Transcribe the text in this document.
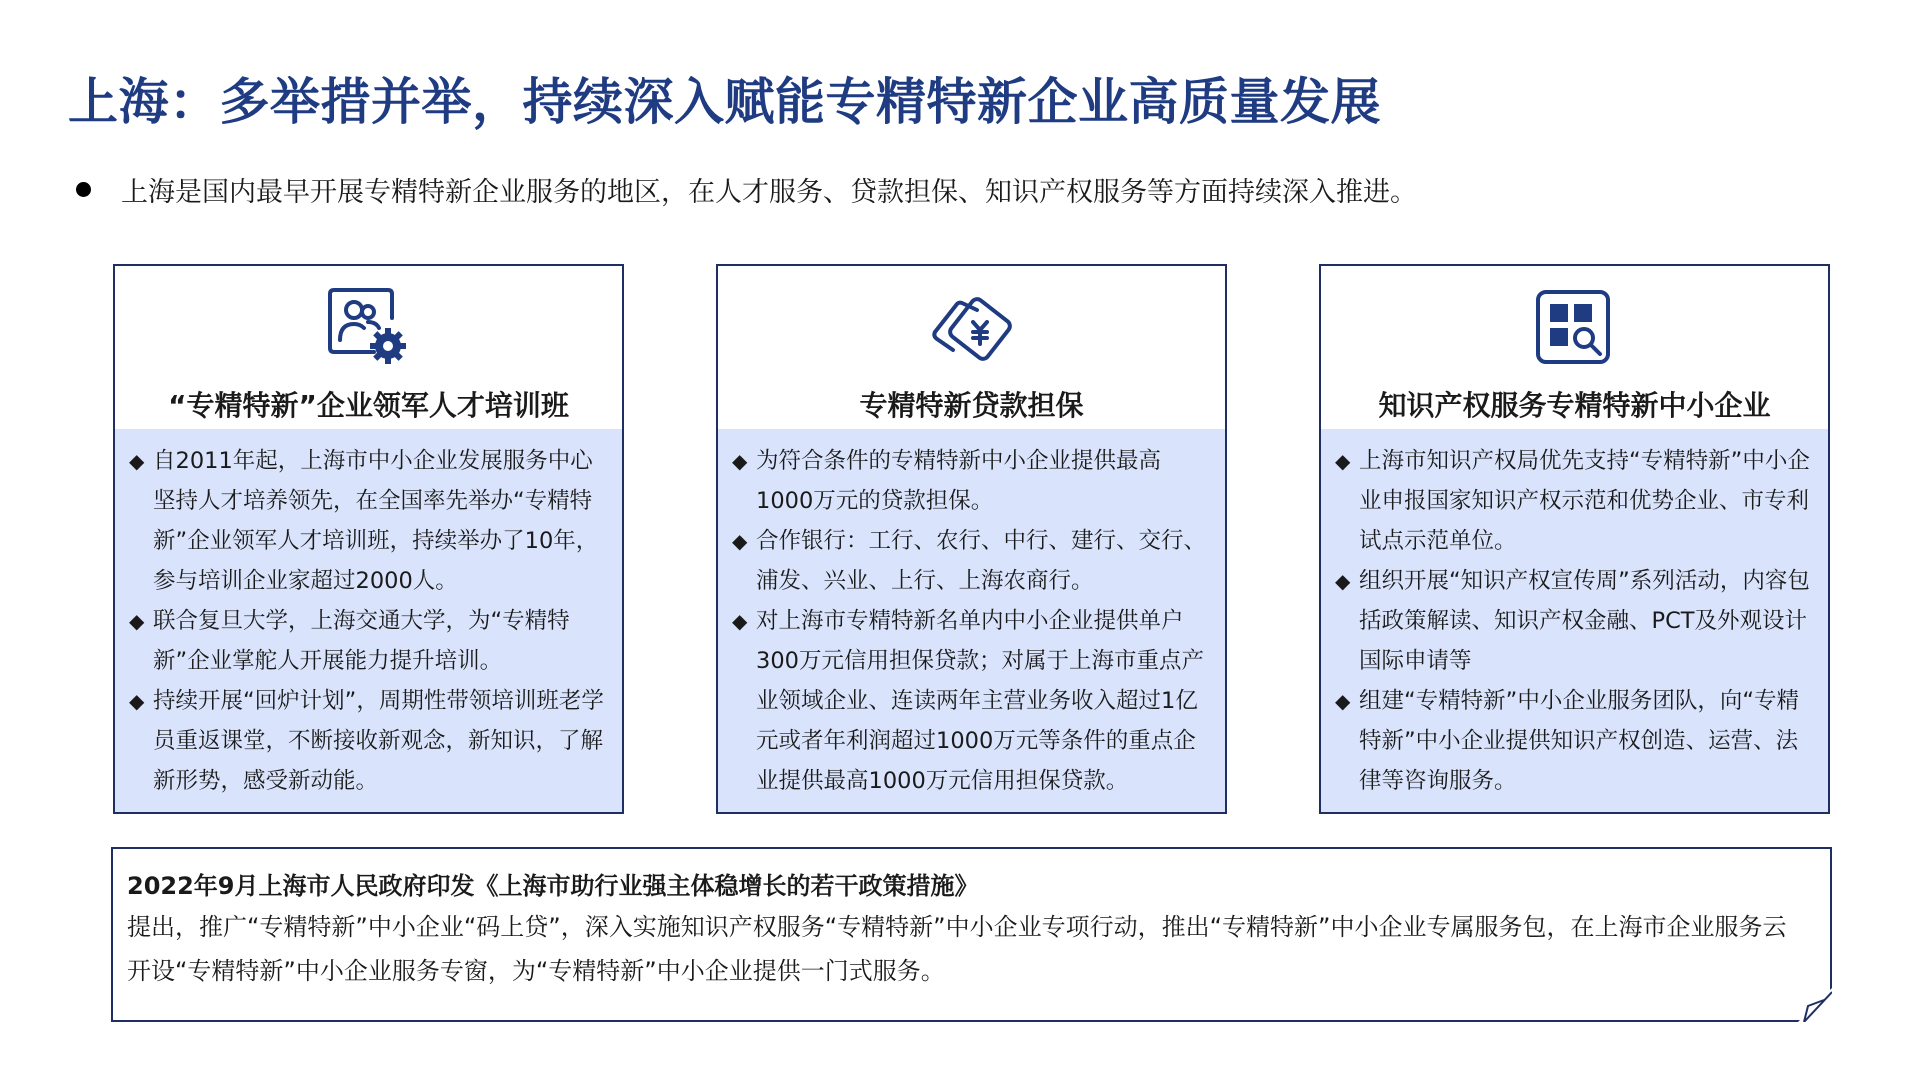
上海：多举措并举，持续深入赋能专精特新企业高质量发展
上海是国内最早开展专精特新企业服务的地区，在人才服务、贷款担保、知识产权服务等方面持续深入推进。
“专精特新”企业领军人才培训班
◆ 自2011年起，上海市中小企业发展服务中心坚持人才培养领先，在全国率先举办“专精特新”企业领军人才培训班，持续举办了10年，参与培训企业家超过2000人。
◆ 联合复旦大学，上海交通大学，为“专精特新”企业掌舵人开展能力提升培训。
◆ 持续开展“回炉计划”，周期性带领培训班老学员重返课堂，不断接收新观念，新知识，了解新形势，感受新动能。
专精特新贷款担保
◆ 为符合条件的专精特新中小企业提供最高1000万元的贷款担保。
◆ 合作银行：工行、农行、中行、建行、交行、浦发、兴业、上行、上海农商行。
◆ 对上海市专精特新名单内中小企业提供单户300万元信用担保贷款；对属于上海市重点产业领域企业、连读两年主营业务收入超过1亿元或者年利润超过1000万元等条件的重点企业提供最高1000万元信用担保贷款。
知识产权服务专精特新中小企业
◆ 上海市知识产权局优先支持“专精特新”中小企业申报国家知识产权示范和优势企业、市专利试点示范单位。
◆ 组织开展“知识产权宣传周”系列活动，内容包括政策解读、知识产权金融、PCT及外观设计国际申请等
◆ 组建“专精特新”中小企业服务团队，向“专精特新”中小企业提供知识产权创造、运营、法律等咨询服务。
2022年9月上海市人民政府印发《上海市助行业强主体稳增长的若干政策措施》
提出，推广“专精特新”中小企业“码上贷”，深入实施知识产权服务“专精特新”中小企业专项行动，推出“专精特新”中小企业专属服务包，在上海市企业服务云开设“专精特新”中小企业服务专窗，为“专精特新”中小企业提供一门式服务。
